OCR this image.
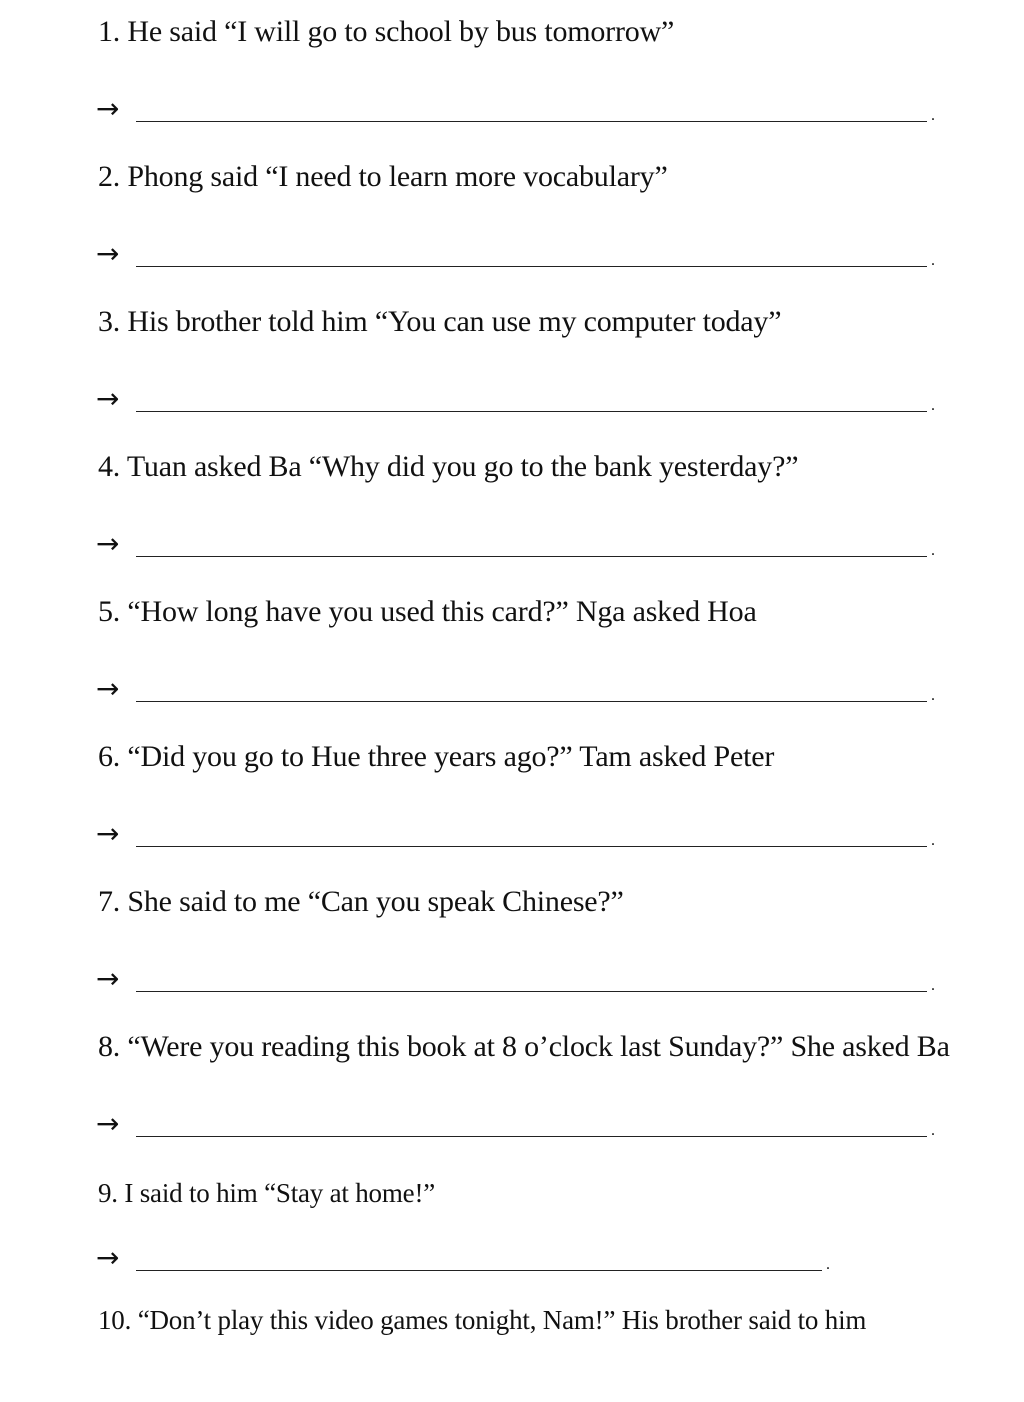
1. He said “I will go to school by bus tomorrow”
→	.
2. Phong said “I need to learn more vocabulary”
→	.
3. His brother told him “You can use my computer today”
→	.
4. Tuan asked Ba “Why did you go to the bank yesterday?”
→	.
5. “How long have you used this card?” Nga asked Hoa
→	.
6. “Did you go to Hue three years ago?” Tam asked Peter
→	.
7. She said to me “Can you speak Chinese?”
→	.
8. “Were you reading this book at 8 o’clock last Sunday?” She asked Ba
→	.
9. I said to him “Stay at home!”
→	.
10. “Don’t play this video games tonight, Nam!” His brother said to him
